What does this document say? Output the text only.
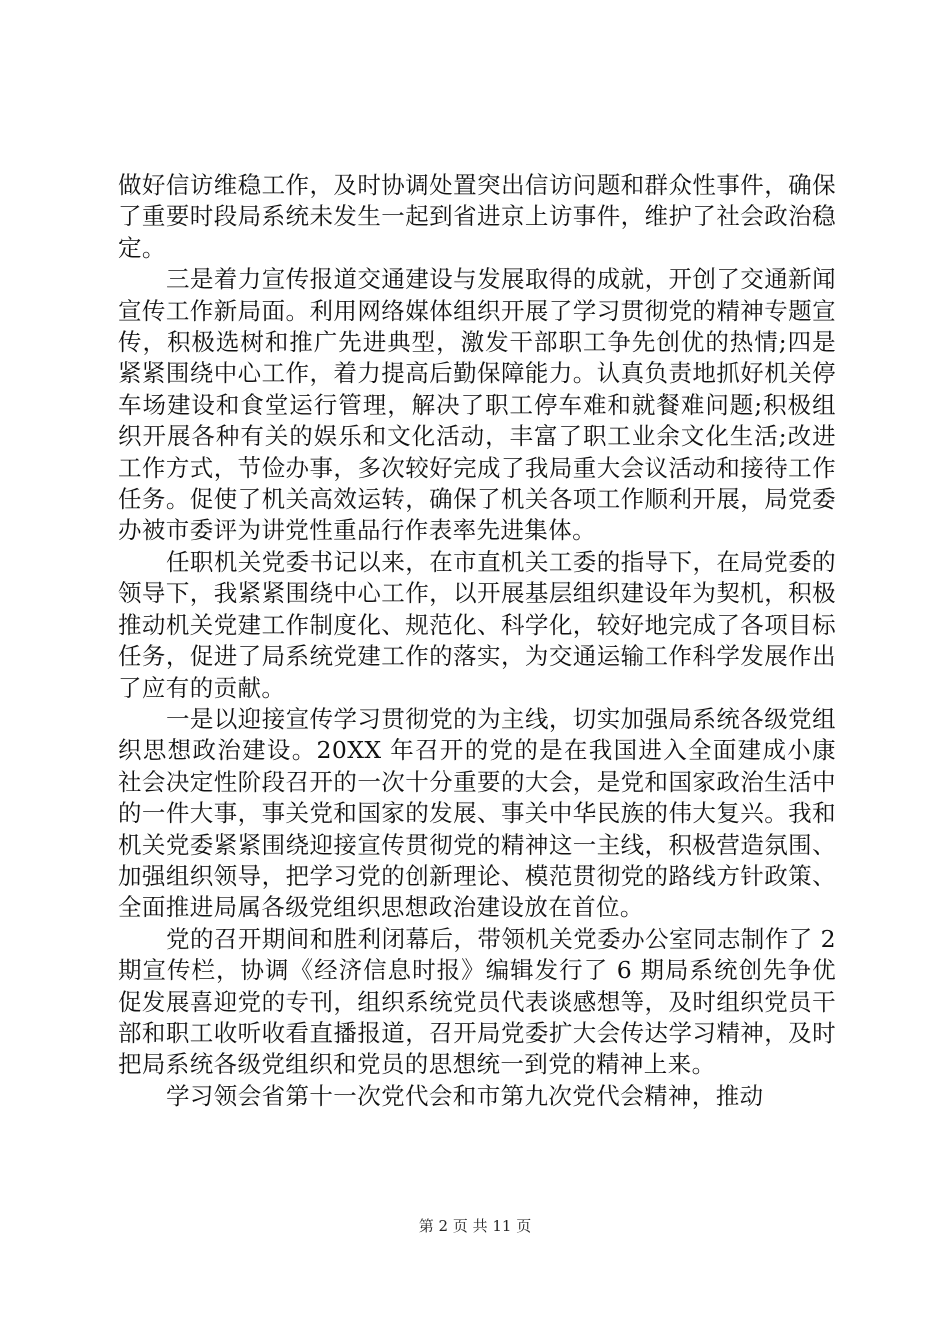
做好信访维稳工作，及时协调处置突出信访问题和群众性事件，确保了重要时段局系统未发生一起到省进京上访事件，维护了社会政治稳定。

三是着力宣传报道交通建设与发展取得的成就，开创了交通新闻宣传工作新局面。利用网络媒体组织开展了学习贯彻党的精神专题宣传，积极选树和推广先进典型，激发干部职工争先创优的热情;四是紧紧围绕中心工作，着力提高后勤保障能力。认真负责地抓好机关停车场建设和食堂运行管理，解决了职工停车难和就餐难问题;积极组织开展各种有关的娱乐和文化活动，丰富了职工业余文化生活;改进工作方式，节俭办事，多次较好完成了我局重大会议活动和接待工作任务。促使了机关高效运转，确保了机关各项工作顺利开展，局党委办被市委评为讲党性重品行作表率先进集体。

任职机关党委书记以来，在市直机关工委的指导下，在局党委的领导下，我紧紧围绕中心工作，以开展基层组织建设年为契机，积极推动机关党建工作制度化、规范化、科学化，较好地完成了各项目标任务，促进了局系统党建工作的落实，为交通运输工作科学发展作出了应有的贡献。

一是以迎接宣传学习贯彻党的为主线，切实加强局系统各级党组织思想政治建设。20XX 年召开的党的是在我国进入全面建成小康社会决定性阶段召开的一次十分重要的大会，是党和国家政治生活中的一件大事，事关党和国家的发展、事关中华民族的伟大复兴。我和机关党委紧紧围绕迎接宣传贯彻党的精神这一主线，积极营造氛围、加强组织领导，把学习党的创新理论、模范贯彻党的路线方针政策、全面推进局属各级党组织思想政治建设放在首位。

党的召开期间和胜利闭幕后，带领机关党委办公室同志制作了 2 期宣传栏，协调《经济信息时报》编辑发行了 6 期局系统创先争优促发展喜迎党的专刊，组织系统党员代表谈感想等，及时组织党员干部和职工收听收看直播报道，召开局党委扩大会传达学习精神，及时把局系统各级党组织和党员的思想统一到党的精神上来。

学习领会省第十一次党代会和市第九次党代会精神，推动

第 2 页 共 11 页
